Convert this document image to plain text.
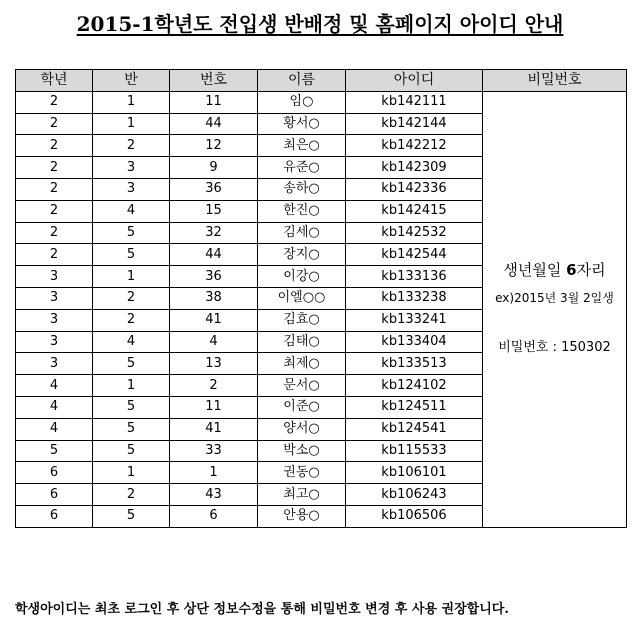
2015-1학년도 전입생 반배정 및 홈페이지 아이디 안내
학년	반	번호	이름	아이디	비밀번호
2	1	11	임○	kb142111	생년월일 6자리
ex)2015년 3월 2일생
비밀번호 : 150302

2	1	44	황서○	kb142144	
2	2	12	최은○	kb142212	
2	3	9	유준○	kb142309	
2	3	36	송하○	kb142336	
2	4	15	한진○	kb142415	
2	5	32	김세○	kb142532	
2	5	44	장지○	kb142544	
3	1	36	이강○	kb133136	
3	2	38	이엘○○	kb133238	
3	2	41	김효○	kb133241	
3	4	4	김태○	kb133404	
3	5	13	최제○	kb133513	
4	1	2	문서○	kb124102	
4	5	11	이준○	kb124511	
4	5	41	양서○	kb124541	
5	5	33	박소○	kb115533	
6	1	1	권동○	kb106101	
6	2	43	최고○	kb106243	
6	5	6	안용○	kb106506	
학생아이디는 최초 로그인 후 상단 정보수정을 통해 비밀번호 변경 후 사용 권장합니다.
